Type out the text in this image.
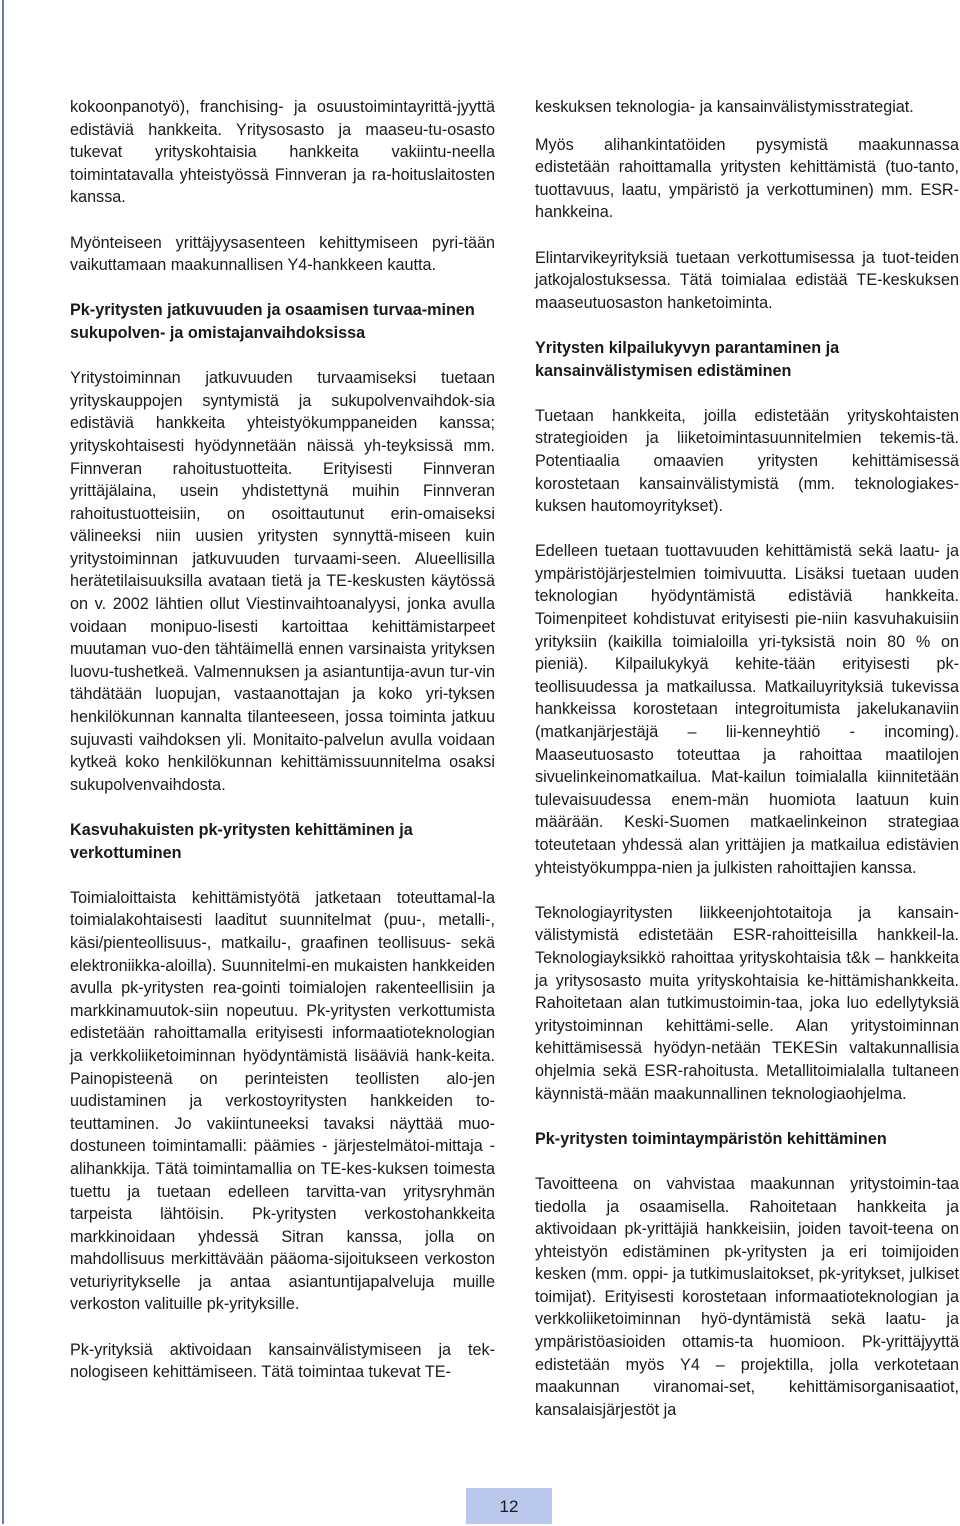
kokoonpanotyö), franchising- ja osuustoimintayrittä-jyyttä edistäviä hankkeita. Yritysosasto ja maaseu-tu-osasto tukevat yrityskohtaisia hankkeita vakiintu-neella toimintatavalla yhteistyössä Finnveran ja ra-hoituslaitosten kanssa.

Myönteiseen yrittäjyysasenteen kehittymiseen pyri-tään vaikuttamaan maakunnallisen Y4-hankkeen kautta.

Pk-yritysten jatkuvuuden ja osaamisen turvaa-minen sukupolven- ja omistajanvaihdoksissa

Yritystoiminnan jatkuvuuden turvaamiseksi tuetaan yrityskauppojen syntymistä ja sukupolvenvaihdok-sia edistäviä hankkeita yhteistyökumppaneiden kanssa; yrityskohtaisesti hyödynnetään näissä yh-teyksissä mm. Finnveran rahoitustuotteita. Erityisesti Finnveran yrittäjälaina, usein yhdistettynä muihin Finnveran rahoitustuotteisiin, on osoittautunut erin-omaiseksi välineeksi niin uusien yritysten synnyttä-miseen kuin yritystoiminnan jatkuvuuden turvaami-seen. Alueellisilla herätetilaisuuksilla avataan tietä ja TE-keskusten käytössä on v. 2002 lähtien ollut Viestinvaihtoanalyysi, jonka avulla voidaan monipuo-lisesti kartoittaa kehittämistarpeet muutaman vuo-den tähtäimellä ennen varsinaista yrityksen luovu-tushetkeä. Valmennuksen ja asiantuntija-avun tur-vin tähdätään luopujan, vastaanottajan ja koko yri-tyksen henkilökunnan kannalta tilanteeseen, jossa toiminta jatkuu sujuvasti vaihdoksen yli. Monitaito-palvelun avulla voidaan kytkeä koko henkilökunnan kehittämissuunnitelma osaksi sukupolvenvaihdosta.

Kasvuhakuisten pk-yritysten kehittäminen ja verkottuminen

Toimialoittaista kehittämistyötä jatketaan toteuttamal-la toimialakohtaisesti laaditut suunnitelmat (puu-, metalli-, käsi/pienteollisuus-, matkailu-, graafinen teollisuus- sekä elektroniikka-aloilla). Suunnitelmi-en mukaisten hankkeiden avulla pk-yritysten rea-gointi toimialojen rakenteellisiin ja markkinamuutok-siin nopeutuu. Pk-yritysten verkottumista edistetään rahoittamalla erityisesti informaatioteknologian ja verkkoliiketoiminnan hyödyntämistä lisääviä hank-keita. Painopisteenä on perinteisten teollisten alo-jen uudistaminen ja verkostoyritysten hankkeiden to-teuttaminen. Jo vakiintuneeksi tavaksi näyttää muo-dostuneen toimintamalli: päämies - järjestelmätoi-mittaja - alihankkija. Tätä toimintamallia on TE-kes-kuksen toimesta tuettu ja tuetaan edelleen tarvitta-van yritysryhmän tarpeista lähtöisin. Pk-yritysten verkostohankkeita markkinoidaan yhdessä Sitran kanssa, jolla on mahdollisuus merkittävään pääoma-sijoitukseen verkoston veturiyritykselle ja antaa asiantuntijapalveluja muille verkoston valituille pk-yrityksille.

Pk-yrityksiä aktivoidaan kansainvälistymiseen ja tek-nologiseen kehittämiseen. Tätä toimintaa tukevat TE-

keskuksen teknologia- ja kansainvälistymisstrategiat.

Myös alihankintatöiden pysymistä maakunnassa edistetään rahoittamalla yritysten kehittämistä (tuo-tanto, tuottavuus, laatu, ympäristö ja verkottuminen) mm. ESR-hankkeina.

Elintarvikeyrityksiä tuetaan verkottumisessa ja tuot-teiden jatkojalostuksessa. Tätä toimialaa edistää TE-keskuksen maaseutuosaston hanketoiminta.

Yritysten kilpailukyvyn parantaminen ja kansainvälistymisen edistäminen

Tuetaan hankkeita, joilla edistetään yrityskohtaisten strategioiden ja liiketoimintasuunnitelmien tekemis-tä. Potentiaalia omaavien yritysten kehittämisessä korostetaan kansainvälistymistä (mm. teknologiakes-kuksen hautomoyritykset).

Edelleen tuetaan tuottavuuden kehittämistä sekä laatu- ja ympäristöjärjestelmien toimivuutta. Lisäksi tuetaan uuden teknologian hyödyntämistä edistäviä hankkeita. Toimenpiteet kohdistuvat erityisesti pie-niin kasvuhakuisiin yrityksiin (kaikilla toimialoilla yri-tyksistä noin 80 % on pieniä). Kilpailukykyä kehite-tään erityisesti pk-teollisuudessa ja matkailussa. Matkailuyrityksiä tukevissa hankkeissa korostetaan integroitumista jakelukanaviin (matkanjärjestäjä – lii-kenneyhtiö - incoming). Maaseutuosasto toteuttaa ja rahoittaa maatilojen sivuelinkeinomatkailua. Mat-kailun toimialalla kiinnitetään tulevaisuudessa enem-män huomiota laatuun kuin määrään. Keski-Suomen matkaelinkeinon strategiaa toteutetaan yhdessä alan yrittäjien ja matkailua edistävien yhteistyökumppa-nien ja julkisten rahoittajien kanssa.

Teknologiayritysten liikkeenjohtotaitoja ja kansain-välistymistä edistetään ESR-rahoitteisilla hankkeil-la. Teknologiayksikkö rahoittaa yrityskohtaisia t&k – hankkeita ja yritysosasto muita yrityskohtaisia ke-hittämishankkeita. Rahoitetaan alan tutkimustoimin-taa, joka luo edellytyksiä yritystoiminnan kehittämi-selle. Alan yritystoiminnan kehittämisessä hyödyn-netään TEKESin valtakunnallisia ohjelmia sekä ESR-rahoitusta. Metallitoimialalla tultaneen käynnistä-mään maakunnallinen teknologiaohjelma.

Pk-yritysten toimintaympäristön kehittäminen

Tavoitteena on vahvistaa maakunnan yritystoimin-taa tiedolla ja osaamisella. Rahoitetaan hankkeita ja aktivoidaan pk-yrittäjiä hankkeisiin, joiden tavoit-teena on yhteistyön edistäminen pk-yritysten ja eri toimijoiden kesken (mm. oppi- ja tutkimuslaitokset, pk-yritykset, julkiset toimijat). Erityisesti korostetaan informaatioteknologian ja verkkoliiketoiminnan hyö-dyntämistä sekä laatu- ja ympäristöasioiden ottamis-ta huomioon. Pk-yrittäjyyttä edistetään myös Y4 – projektilla, jolla verkotetaan maakunnan viranomai-set, kehittämisorganisaatiot, kansalaisjärjestöt ja

12
